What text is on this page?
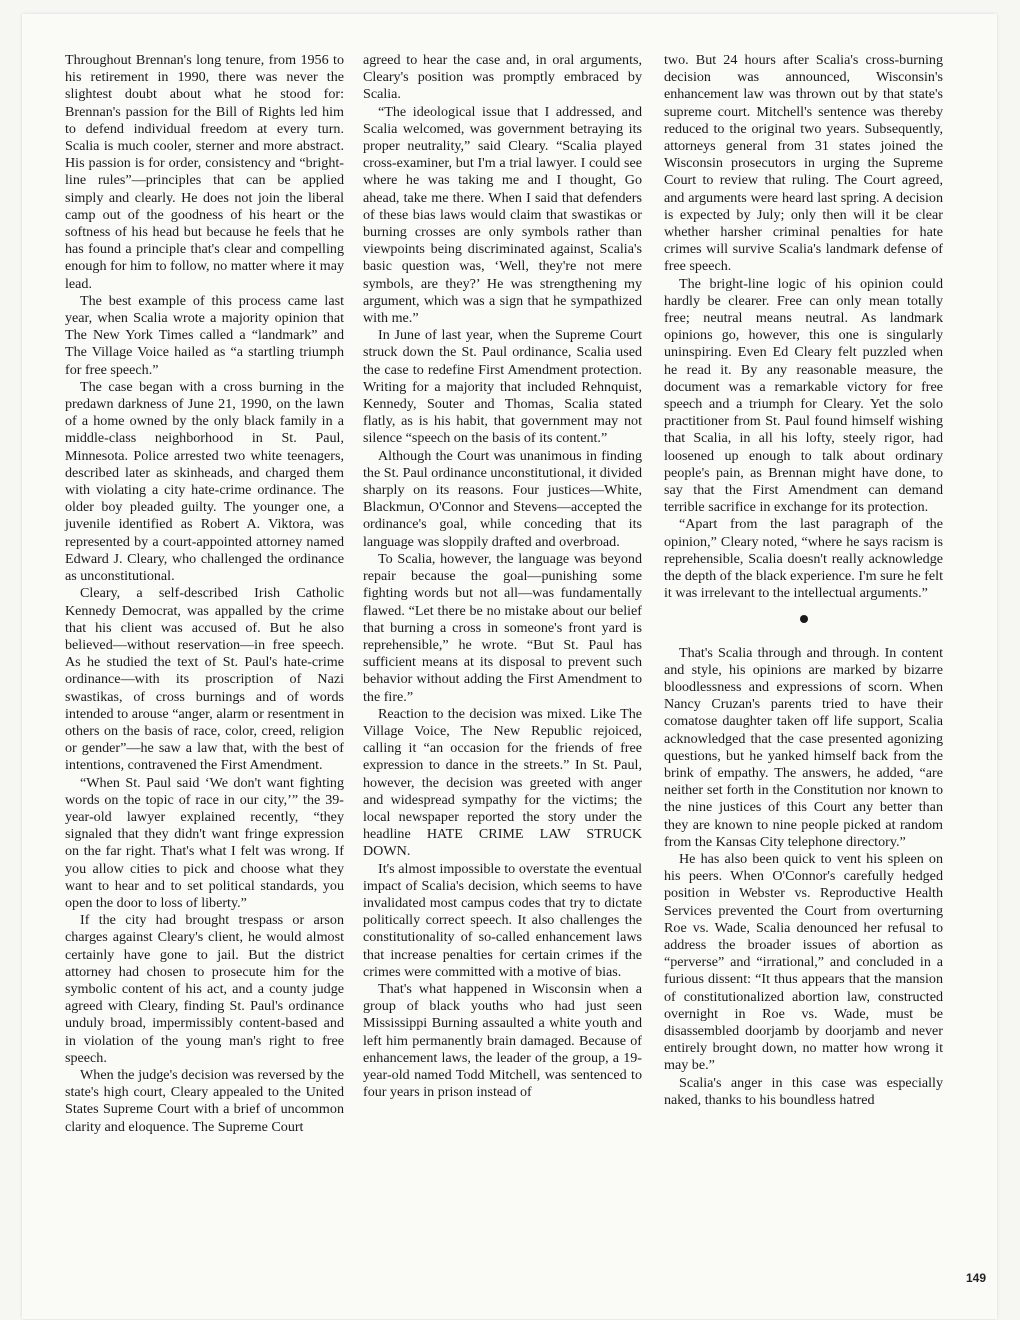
Throughout Brennan's long tenure, from 1956 to his retirement in 1990, there was never the slightest doubt about what he stood for: Brennan's passion for the Bill of Rights led him to defend individual freedom at every turn. Scalia is much cooler, sterner and more abstract. His passion is for order, consistency and “bright-line rules”—principles that can be applied simply and clearly. He does not join the liberal camp out of the goodness of his heart or the softness of his head but because he feels that he has found a principle that's clear and compelling enough for him to follow, no matter where it may lead.

The best example of this process came last year, when Scalia wrote a majority opinion that The New York Times called a “landmark” and The Village Voice hailed as “a startling triumph for free speech.”

The case began with a cross burning in the predawn darkness of June 21, 1990, on the lawn of a home owned by the only black family in a middle-class neighborhood in St. Paul, Minnesota. Police arrested two white teenagers, described later as skinheads, and charged them with violating a city hate-crime ordinance. The older boy pleaded guilty. The younger one, a juvenile identified as Robert A. Viktora, was represented by a court-appointed attorney named Edward J. Cleary, who challenged the ordinance as unconstitutional.

Cleary, a self-described Irish Catholic Kennedy Democrat, was appalled by the crime that his client was accused of. But he also believed—without reservation—in free speech. As he studied the text of St. Paul's hate-crime ordinance—with its proscription of Nazi swastikas, of cross burnings and of words intended to arouse “anger, alarm or resentment in others on the basis of race, color, creed, religion or gender”—he saw a law that, with the best of intentions, contravened the First Amendment.

“When St. Paul said ‘We don't want fighting words on the topic of race in our city,’” the 39-year-old lawyer explained recently, “they signaled that they didn't want fringe expression on the far right. That's what I felt was wrong. If you allow cities to pick and choose what they want to hear and to set political standards, you open the door to loss of liberty.”

If the city had brought trespass or arson charges against Cleary's client, he would almost certainly have gone to jail. But the district attorney had chosen to prosecute him for the symbolic content of his act, and a county judge agreed with Cleary, finding St. Paul's ordinance unduly broad, impermissibly content-based and in violation of the young man's right to free speech.

When the judge's decision was reversed by the state's high court, Cleary appealed to the United States Supreme Court with a brief of uncommon clarity and eloquence. The Supreme Court

agreed to hear the case and, in oral arguments, Cleary's position was promptly embraced by Scalia.

“The ideological issue that I addressed, and Scalia welcomed, was government betraying its proper neutrality,” said Cleary. “Scalia played cross-examiner, but I'm a trial lawyer. I could see where he was taking me and I thought, Go ahead, take me there. When I said that defenders of these bias laws would claim that swastikas or burning crosses are only symbols rather than viewpoints being discriminated against, Scalia's basic question was, ‘Well, they're not mere symbols, are they?’ He was strengthening my argument, which was a sign that he sympathized with me.”

In June of last year, when the Supreme Court struck down the St. Paul ordinance, Scalia used the case to redefine First Amendment protection. Writing for a majority that included Rehnquist, Kennedy, Souter and Thomas, Scalia stated flatly, as is his habit, that government may not silence “speech on the basis of its content.”

Although the Court was unanimous in finding the St. Paul ordinance unconstitutional, it divided sharply on its reasons. Four justices—White, Blackmun, O'Connor and Stevens—accepted the ordinance's goal, while conceding that its language was sloppily drafted and overbroad.

To Scalia, however, the language was beyond repair because the goal—punishing some fighting words but not all—was fundamentally flawed. “Let there be no mistake about our belief that burning a cross in someone's front yard is reprehensible,” he wrote. “But St. Paul has sufficient means at its disposal to prevent such behavior without adding the First Amendment to the fire.”

Reaction to the decision was mixed. Like The Village Voice, The New Republic rejoiced, calling it “an occasion for the friends of free expression to dance in the streets.” In St. Paul, however, the decision was greeted with anger and widespread sympathy for the victims; the local newspaper reported the story under the headline HATE CRIME LAW STRUCK DOWN.

It's almost impossible to overstate the eventual impact of Scalia's decision, which seems to have invalidated most campus codes that try to dictate politically correct speech. It also challenges the constitutionality of so-called enhancement laws that increase penalties for certain crimes if the crimes were committed with a motive of bias.

That's what happened in Wisconsin when a group of black youths who had just seen Mississippi Burning assaulted a white youth and left him permanently brain damaged. Because of enhancement laws, the leader of the group, a 19-year-old named Todd Mitchell, was sentenced to four years in prison instead of

two. But 24 hours after Scalia's cross-burning decision was announced, Wisconsin's enhancement law was thrown out by that state's supreme court. Mitchell's sentence was thereby reduced to the original two years. Subsequently, attorneys general from 31 states joined the Wisconsin prosecutors in urging the Supreme Court to review that ruling. The Court agreed, and arguments were heard last spring. A decision is expected by July; only then will it be clear whether harsher criminal penalties for hate crimes will survive Scalia's landmark defense of free speech.

The bright-line logic of his opinion could hardly be clearer. Free can only mean totally free; neutral means neutral. As landmark opinions go, however, this one is singularly uninspiring. Even Ed Cleary felt puzzled when he read it. By any reasonable measure, the document was a remarkable victory for free speech and a triumph for Cleary. Yet the solo practitioner from St. Paul found himself wishing that Scalia, in all his lofty, steely rigor, had loosened up enough to talk about ordinary people's pain, as Brennan might have done, to say that the First Amendment can demand terrible sacrifice in exchange for its protection.

“Apart from the last paragraph of the opinion,” Cleary noted, “where he says racism is reprehensible, Scalia doesn't really acknowledge the depth of the black experience. I'm sure he felt it was irrelevant to the intellectual arguments.”

That's Scalia through and through. In content and style, his opinions are marked by bizarre bloodlessness and expressions of scorn. When Nancy Cruzan's parents tried to have their comatose daughter taken off life support, Scalia acknowledged that the case presented agonizing questions, but he yanked himself back from the brink of empathy. The answers, he added, “are neither set forth in the Constitution nor known to the nine justices of this Court any better than they are known to nine people picked at random from the Kansas City telephone directory.”

He has also been quick to vent his spleen on his peers. When O'Connor's carefully hedged position in Webster vs. Reproductive Health Services prevented the Court from overturning Roe vs. Wade, Scalia denounced her refusal to address the broader issues of abortion as “perverse” and “irrational,” and concluded in a furious dissent: “It thus appears that the mansion of constitutionalized abortion law, constructed overnight in Roe vs. Wade, must be disassembled doorjamb by doorjamb and never entirely brought down, no matter how wrong it may be.”

Scalia's anger in this case was especially naked, thanks to his boundless hatred

149
